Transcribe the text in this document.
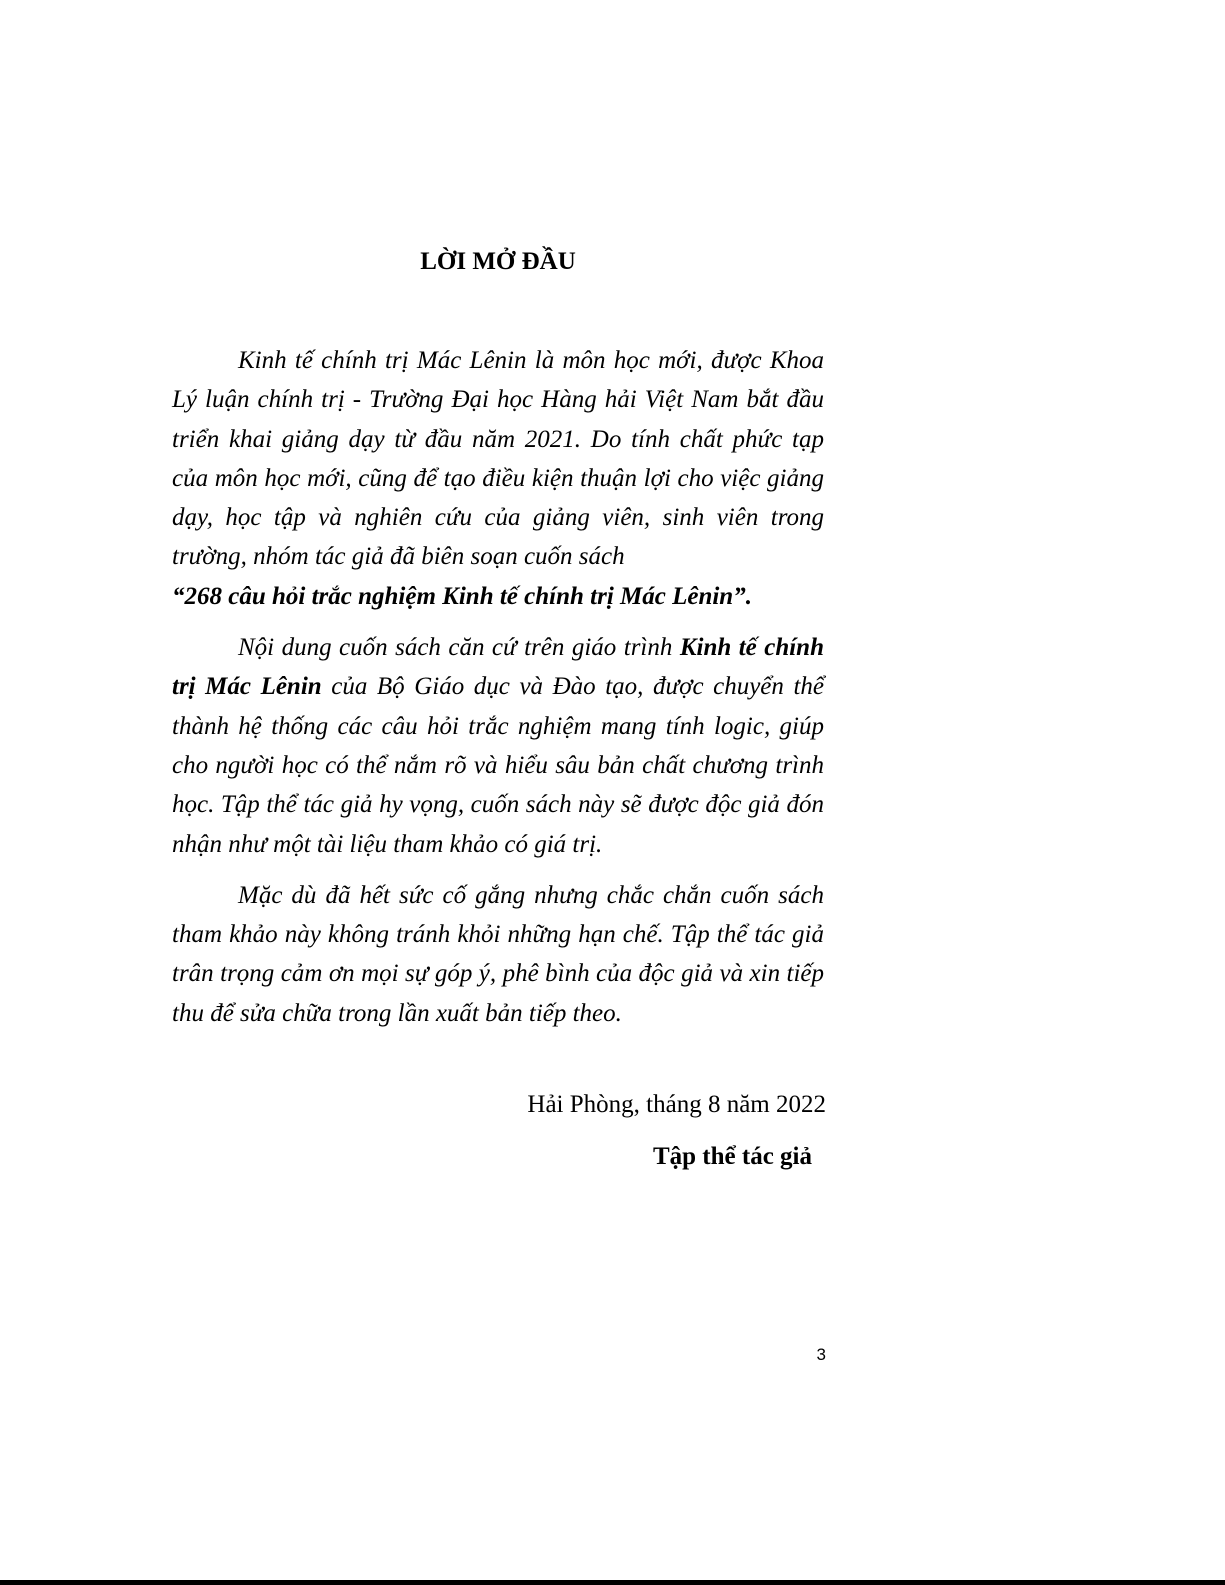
LỜI MỞ ĐẦU

Kinh tế chính trị Mác Lênin là môn học mới, được Khoa Lý luận chính trị - Trường Đại học Hàng hải Việt Nam bắt đầu triển khai giảng dạy từ đầu năm 2021. Do tính chất phức tạp của môn học mới, cũng để tạo điều kiện thuận lợi cho việc giảng dạy, học tập và nghiên cứu của giảng viên, sinh viên trong trường, nhóm tác giả đã biên soạn cuốn sách
“268 câu hỏi trắc nghiệm Kinh tế chính trị Mác Lênin”.

Nội dung cuốn sách căn cứ trên giáo trình Kinh tế chính trị Mác Lênin của Bộ Giáo dục và Đào tạo, được chuyển thể thành hệ thống các câu hỏi trắc nghiệm mang tính logic, giúp cho người học có thể nắm rõ và hiểu sâu bản chất chương trình học. Tập thể tác giả hy vọng, cuốn sách này sẽ được độc giả đón nhận như một tài liệu tham khảo có giá trị.

Mặc dù đã hết sức cố gắng nhưng chắc chắn cuốn sách tham khảo này không tránh khỏi những hạn chế. Tập thể tác giả trân trọng cảm ơn mọi sự góp ý, phê bình của độc giả và xin tiếp thu để sửa chữa trong lần xuất bản tiếp theo.

Hải Phòng, tháng 8 năm 2022

Tập thể tác giả

3
